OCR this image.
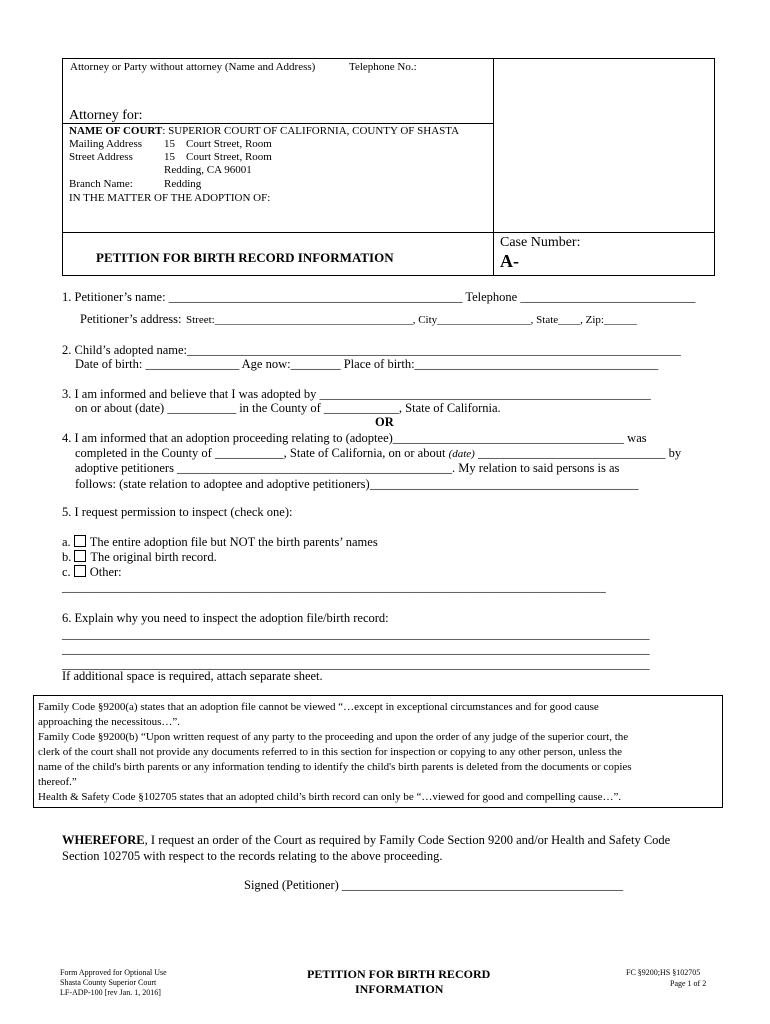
Attorney or Party without attorney (Name and Address)	Telephone No.:
Attorney for:
NAME OF COURT: SUPERIOR COURT OF CALIFORNIA, COUNTY OF SHASTA
Mailing Address 15    Court Street, Room
Street Address	15    Court Street, Room
Redding, CA 96001
Branch Name:	Redding
IN THE MATTER OF THE ADOPTION OF:
PETITION FOR BIRTH RECORD INFORMATION
Case Number:
A-
1. Petitioner’s name: _______________________________________________ Telephone ____________________________
Petitioner’s address: Street:____________________________________, City_________________, State____, Zip:______
2. Child’s adopted name:_______________________________________________________________________________
Date of birth: _______________ Age now:________ Place of birth:_______________________________________
3. I am informed and believe that I was adopted by _____________________________________________________
on or about (date) ___________ in the County of ____________, State of California.
OR
4. I am informed that an adoption proceeding relating to (adoptee)_____________________________________ was
completed in the County of ___________, State of California, on or about (date) ______________________________ by
adoptive petitioners ____________________________________________. My relation to said persons is as
follows: (state relation to adoptee and adoptive petitioners)___________________________________________
5. I request permission to inspect (check one):
a. The entire adoption file but NOT the birth parents’ names
b. The original birth record.
c. Other:
_______________________________________________________________________________________
6. Explain why you need to inspect the adoption file/birth record:
______________________________________________________________________________________________
______________________________________________________________________________________________
______________________________________________________________________________________________
If additional space is required, attach separate sheet.
Family Code §9200(a) states that an adoption file cannot be viewed “…except in exceptional circumstances and for good cause
approaching the necessitous…”.
Family Code §9200(b) “Upon written request of any party to the proceeding and upon the order of any judge of the superior court, the
clerk of the court shall not provide any documents referred to in this section for inspection or copying to any other person, unless the
name of the child's birth parents or any information tending to identify the child's birth parents is deleted from the documents or copies
thereof.”
Health & Safety Code §102705 states that an adopted child’s birth record can only be “…viewed for good and compelling cause…”.
WHEREFORE, I request an order of the Court as required by Family Code Section 9200 and/or Health and Safety Code
Section 102705 with respect to the records relating to the above proceeding.
Signed (Petitioner) _____________________________________________
Form Approved for Optional Use
Shasta County Superior Court
LF-ADP-100 [rev Jan. 1, 2016]
PETITION FOR BIRTH RECORD
INFORMATION
FC §9200;HS §102705
Page 1 of 2
